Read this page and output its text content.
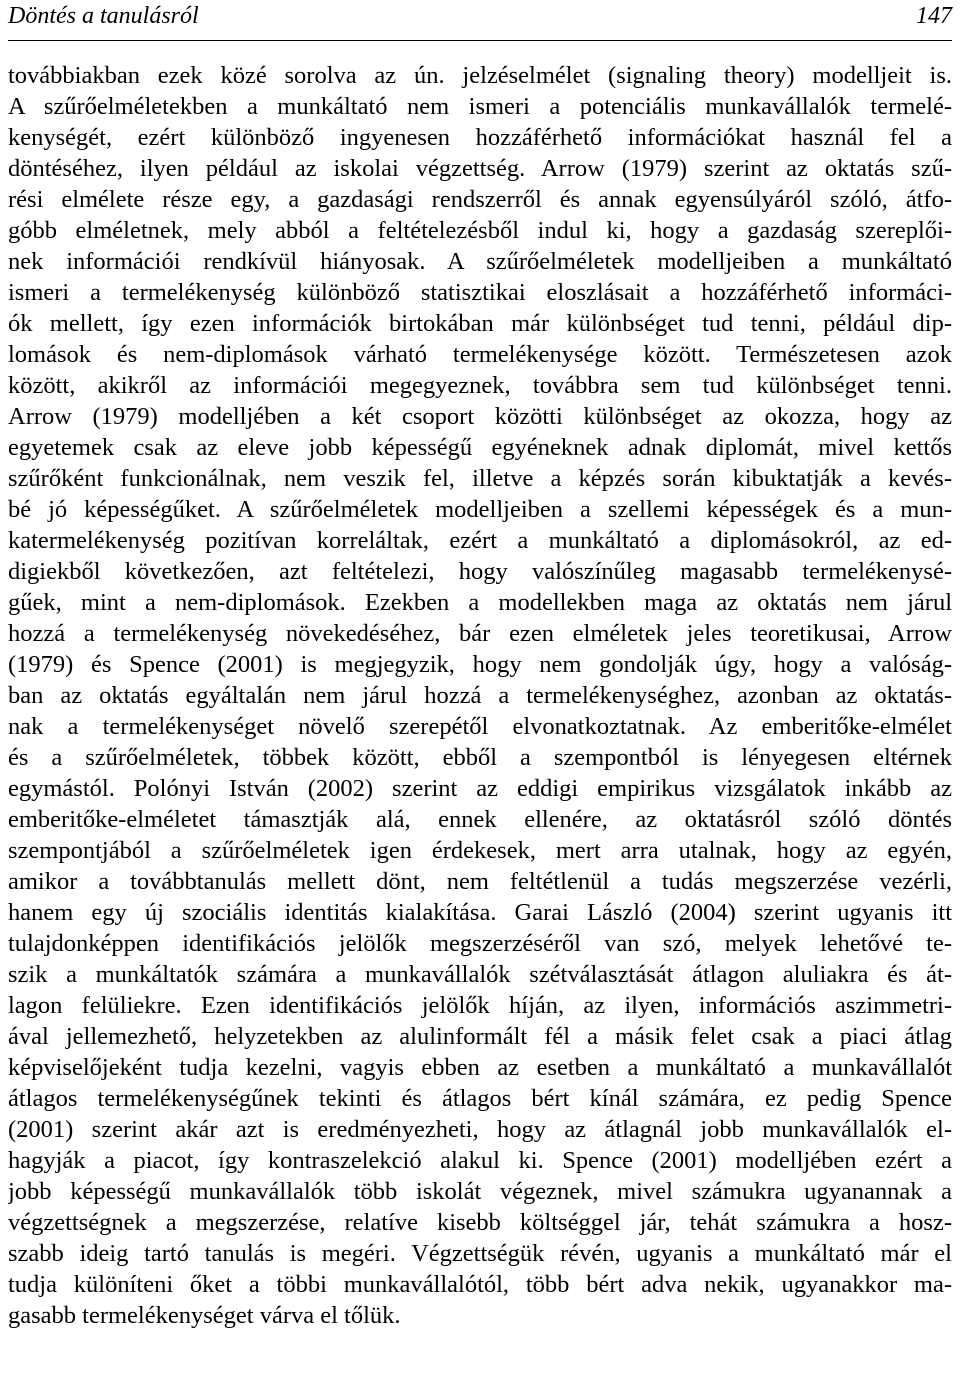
Döntés a tanulásról	147
továbbiakban ezek közé sorolva az ún. jelzéselmélet (signaling theory) modelljeit is.
A szűrőelméletekben a munkáltató nem ismeri a potenciális munkavállalók termelé-
kenységét, ezért különböző ingyenesen hozzáférhető információkat használ fel a
döntéséhez, ilyen például az iskolai végzettség. Arrow (1979) szerint az oktatás szű-
rési elmélete része egy, a gazdasági rendszerről és annak egyensúlyáról szóló, átfo-
góbb elméletnek, mely abból a feltételezésből indul ki, hogy a gazdaság szereplői-
nek információi rendkívül hiányosak. A szűrőelméletek modelljeiben a munkáltató
ismeri a termelékenység különböző statisztikai eloszlásait a hozzáférhető informáci-
ók mellett, így ezen információk birtokában már különbséget tud tenni, például dip-
lomások és nem-diplomások várható termelékenysége között. Természetesen azok
között, akikről az információi megegyeznek, továbbra sem tud különbséget tenni.
Arrow (1979) modelljében a két csoport közötti különbséget az okozza, hogy az
egyetemek csak az eleve jobb képességű egyéneknek adnak diplomát, mivel kettős
szűrőként funkcionálnak, nem veszik fel, illetve a képzés során kibuktatják a kevés-
bé jó képességűket. A szűrőelméletek modelljeiben a szellemi képességek és a mun-
katermelékenység pozitívan korreláltak, ezért a munkáltató a diplomásokról, az ed-
digiekből következően, azt feltételezi, hogy valószínűleg magasabb termelékenysé-
gűek, mint a nem-diplomások. Ezekben a modellekben maga az oktatás nem járul
hozzá a termelékenység növekedéséhez, bár ezen elméletek jeles teoretikusai, Arrow
(1979) és Spence (2001) is megjegyzik, hogy nem gondolják úgy, hogy a valóság-
ban az oktatás egyáltalán nem járul hozzá a termelékenységhez, azonban az oktatás-
nak a termelékenységet növelő szerepétől elvonatkoztatnak. Az emberitőke-elmélet
és a szűrőelméletek, többek között, ebből a szempontból is lényegesen eltérnek
egymástól. Polónyi István (2002) szerint az eddigi empirikus vizsgálatok inkább az
emberitőke-elméletet támasztják alá, ennek ellenére, az oktatásról szóló döntés
szempontjából a szűrőelméletek igen érdekesek, mert arra utalnak, hogy az egyén,
amikor a továbbtanulás mellett dönt, nem feltétlenül a tudás megszerzése vezérli,
hanem egy új szociális identitás kialakítása. Garai László (2004) szerint ugyanis itt
tulajdonképpen identifikációs jelölők megszerzéséről van szó, melyek lehetővé te-
szik a munkáltatók számára a munkavállalók szétválasztását átlagon aluliakra és át-
lagon felüliekre. Ezen identifikációs jelölők híján, az ilyen, információs aszimmetri-
ával jellemezhető, helyzetekben az alulinformált fél a másik felet csak a piaci átlag
képviselőjeként tudja kezelni, vagyis ebben az esetben a munkáltató a munkavállalót
átlagos termelékenységűnek tekinti és átlagos bért kínál számára, ez pedig Spence
(2001) szerint akár azt is eredményezheti, hogy az átlagnál jobb munkavállalók el-
hagyják a piacot, így kontraszelekció alakul ki. Spence (2001) modelljében ezért a
jobb képességű munkavállalók több iskolát végeznek, mivel számukra ugyanannak a
végzettségnek a megszerzése, relatíve kisebb költséggel jár, tehát számukra a hosz-
szabb ideig tartó tanulás is megéri. Végzettségük révén, ugyanis a munkáltató már el
tudja különíteni őket a többi munkavállalótól, több bért adva nekik, ugyanakkor ma-
gasabb termelékenységet várva el tőlük.
